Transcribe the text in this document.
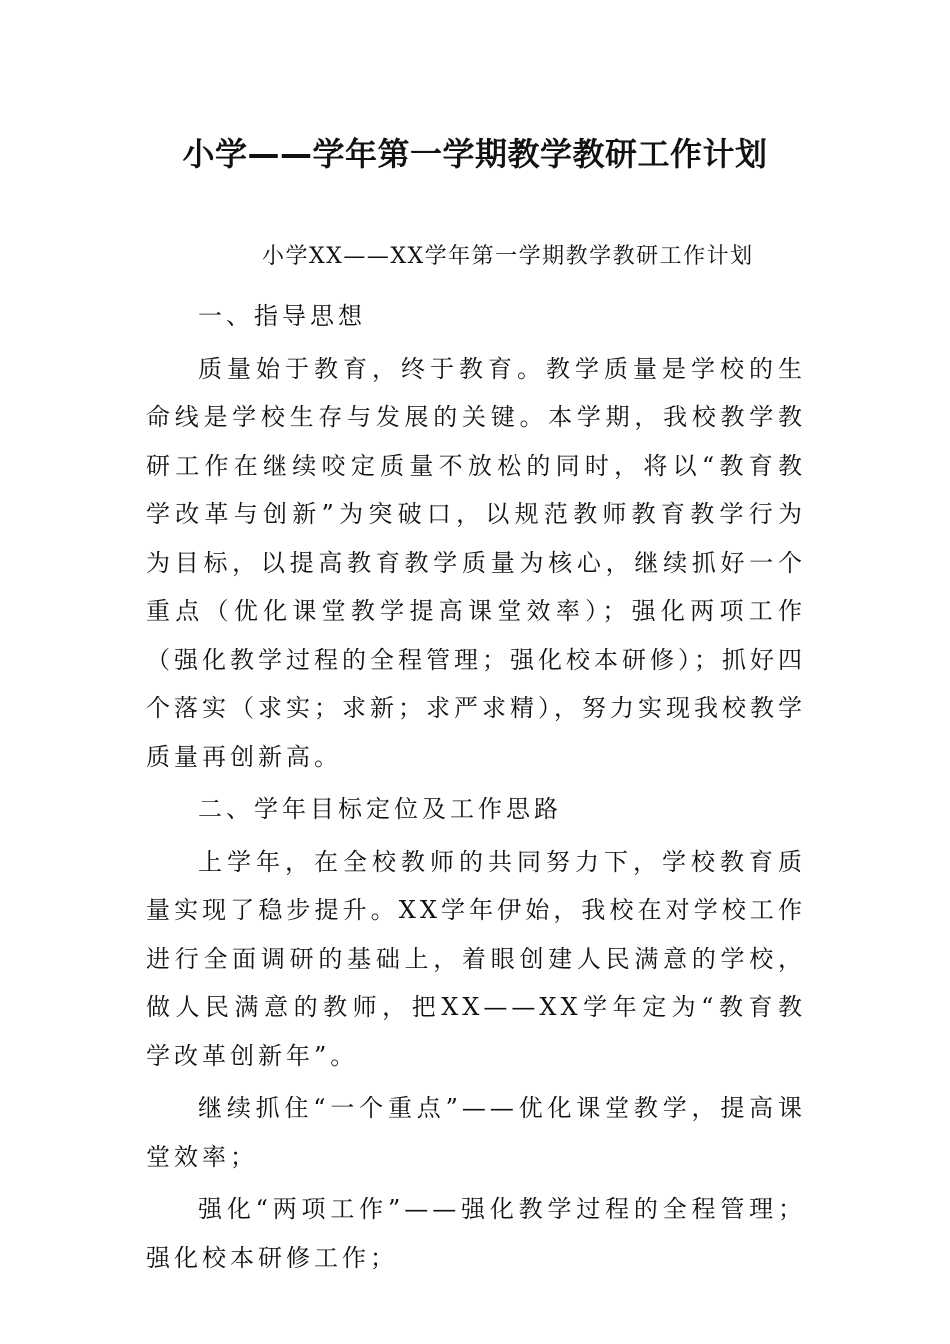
小学——学年第一学期教学教研工作计划
小学XX——XX学年第一学期教学教研工作计划

一、指导思想

质量始于教育，终于教育。教学质量是学校的生命线是学校生存与发展的关键。本学期，我校教学教研工作在继续咬定质量不放松的同时，将以“教育教学改革与创新”为突破口，以规范教师教育教学行为为目标，以提高教育教学质量为核心，继续抓好一个重点（优化课堂教学提高课堂效率）；强化两项工作（强化教学过程的全程管理；强化校本研修）；抓好四个落实（求实；求新；求严求精），努力实现我校教学质量再创新高。

二、学年目标定位及工作思路

上学年，在全校教师的共同努力下，学校教育质量实现了稳步提升。XX学年伊始，我校在对学校工作进行全面调研的基础上，着眼创建人民满意的学校，做人民满意的教师，把XX——XX学年定为“教育教学改革创新年”。

继续抓住“一个重点”——优化课堂教学，提高课堂效率；

强化“两项工作”——强化教学过程的全程管理；强化校本研修工作；
